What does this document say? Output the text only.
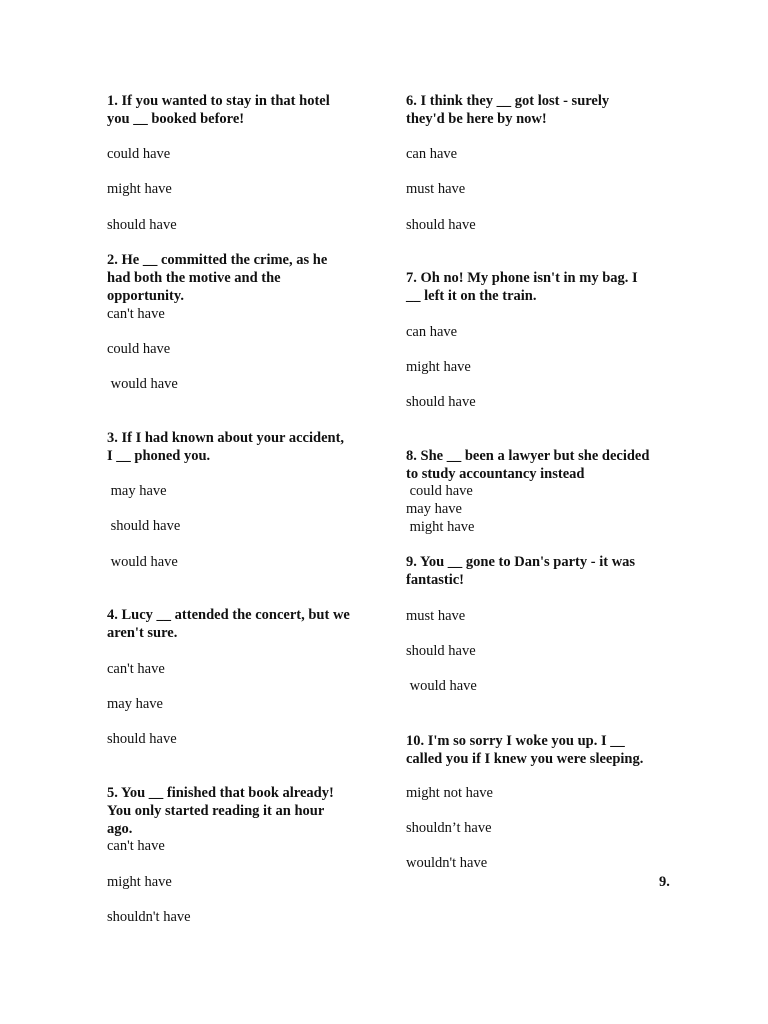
1. If you wanted to stay in that hotel
you __ booked before!
could have
might have
should have
2. He __ committed the crime, as he
had both the motive and the
opportunity.
can't have
could have
would have
3. If I had known about your accident,
I __ phoned you.
may have
should have
would have
4. Lucy __ attended the concert, but we
aren't sure.
can't have
may have
should have
5. You __ finished that book already!
You only started reading it an hour
ago.
can't have
might have
shouldn't have
6. I think they __ got lost - surely
they'd be here by now!
can have
must have
should have
7. Oh no! My phone isn't in my bag. I
__ left it on the train.
can have
might have
should have
8. She __ been a lawyer but she decided
to study accountancy instead
could have
may have
might have
9. You __ gone to Dan's party - it was
fantastic!
must have
should have
would have
10. I'm so sorry I woke you up. I __
called you if I knew you were sleeping.
might not have
shouldn’t have
wouldn't have
9.
